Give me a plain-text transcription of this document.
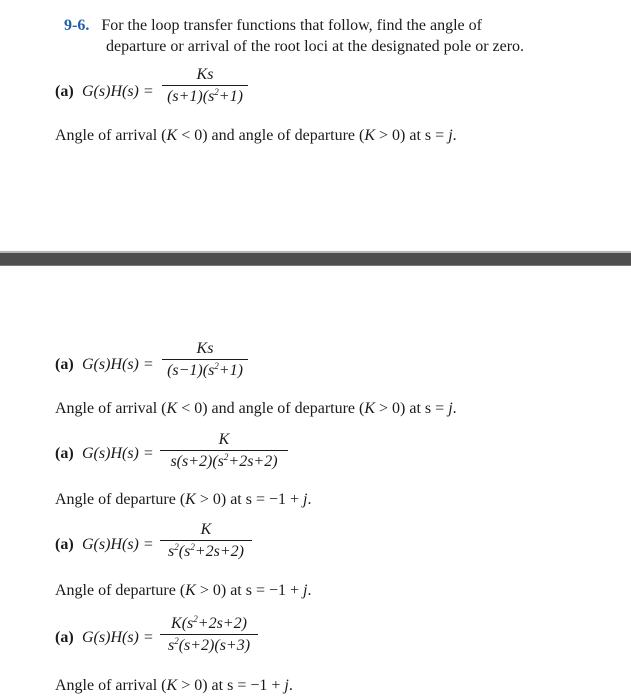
9-6. For the loop transfer functions that follow, find the angle of
departure or arrival of the root loci at the designated pole or zero.
(a) G(s)H(s) =
Ks
$(s+1)(s^2+1)$
Angle of arrival (K < 0) and angle of departure (K > 0) at s = j.
(a) G(s)H(s) =
Ks
$(s-1)(s^2+1)$
Angle of arrival (K < 0) and angle of departure (K > 0) at s = j.
(a) G(s)H(s) =
K
$s(s+2)(s^2+2s+2)$
Angle of departure (K > 0) at s = −1 + j.
(a) G(s)H(s) =
K
$s^2(s^2+2s+2)$
Angle of departure (K > 0) at s = −1 + j.
(a) G(s)H(s) =
$K(s^2+2s+2)$
$s^2(s+2)(s+3)$
Angle of arrival (K > 0) at s = −1 + j.
